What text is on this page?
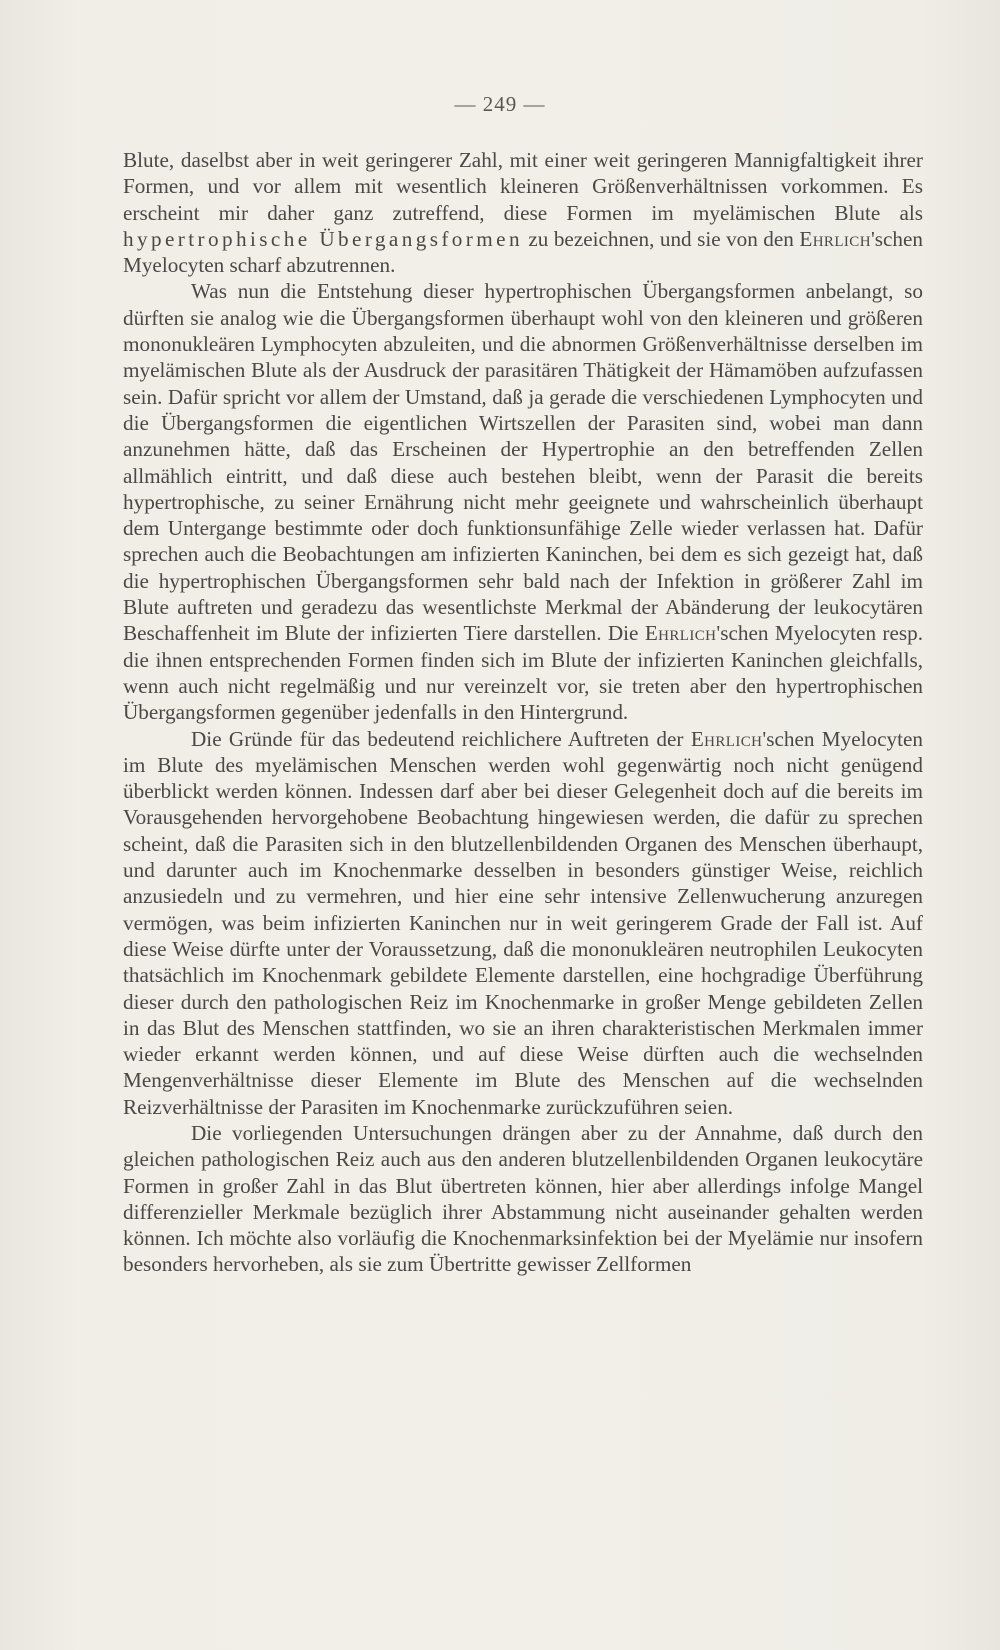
— 249 —

Blute, daselbst aber in weit geringerer Zahl, mit einer weit geringeren Mannigfaltigkeit ihrer Formen, und vor allem mit wesentlich kleineren Größenverhältnissen vorkommen. Es erscheint mir daher ganz zutreffend, diese Formen im myelämischen Blute als hypertrophische Übergangsformen zu bezeichnen, und sie von den Ehrlich'schen Myelocyten scharf abzutrennen.

Was nun die Entstehung dieser hypertrophischen Übergangsformen anbelangt, so dürften sie analog wie die Übergangsformen überhaupt wohl von den kleineren und größeren mononukleären Lymphocyten abzuleiten, und die abnormen Größenverhältnisse derselben im myelämischen Blute als der Ausdruck der parasitären Thätigkeit der Hämamöben aufzufassen sein. Dafür spricht vor allem der Umstand, daß ja gerade die verschiedenen Lymphocyten und die Übergangsformen die eigentlichen Wirtszellen der Parasiten sind, wobei man dann anzunehmen hätte, daß das Erscheinen der Hypertrophie an den betreffenden Zellen allmählich eintritt, und daß diese auch bestehen bleibt, wenn der Parasit die bereits hypertrophische, zu seiner Ernährung nicht mehr geeignete und wahrscheinlich überhaupt dem Untergange bestimmte oder doch funktionsunfähige Zelle wieder verlassen hat. Dafür sprechen auch die Beobachtungen am infizierten Kaninchen, bei dem es sich gezeigt hat, daß die hypertrophischen Übergangsformen sehr bald nach der Infektion in größerer Zahl im Blute auftreten und geradezu das wesentlichste Merkmal der Abänderung der leukocytären Beschaffenheit im Blute der infizierten Tiere darstellen. Die Ehrlich'schen Myelocyten resp. die ihnen entsprechenden Formen finden sich im Blute der infizierten Kaninchen gleichfalls, wenn auch nicht regelmäßig und nur vereinzelt vor, sie treten aber den hypertrophischen Übergangsformen gegenüber jedenfalls in den Hintergrund.

Die Gründe für das bedeutend reichlichere Auftreten der Ehrlich'schen Myelocyten im Blute des myelämischen Menschen werden wohl gegenwärtig noch nicht genügend überblickt werden können. Indessen darf aber bei dieser Gelegenheit doch auf die bereits im Vorausgehenden hervorgehobene Beobachtung hingewiesen werden, die dafür zu sprechen scheint, daß die Parasiten sich in den blutzellenbildenden Organen des Menschen überhaupt, und darunter auch im Knochenmarke desselben in besonders günstiger Weise, reichlich anzusiedeln und zu vermehren, und hier eine sehr intensive Zellenwucherung anzuregen vermögen, was beim infizierten Kaninchen nur in weit geringerem Grade der Fall ist. Auf diese Weise dürfte unter der Voraussetzung, daß die mononukleären neutrophilen Leukocyten thatsächlich im Knochenmark gebildete Elemente darstellen, eine hochgradige Überführung dieser durch den pathologischen Reiz im Knochenmarke in großer Menge gebildeten Zellen in das Blut des Menschen stattfinden, wo sie an ihren charakteristischen Merkmalen immer wieder erkannt werden können, und auf diese Weise dürften auch die wechselnden Mengenverhältnisse dieser Elemente im Blute des Menschen auf die wechselnden Reizverhältnisse der Parasiten im Knochenmarke zurückzuführen seien.

Die vorliegenden Untersuchungen drängen aber zu der Annahme, daß durch den gleichen pathologischen Reiz auch aus den anderen blutzellenbildenden Organen leukocytäre Formen in großer Zahl in das Blut übertreten können, hier aber allerdings infolge Mangel differenzieller Merkmale bezüglich ihrer Abstammung nicht auseinander gehalten werden können. Ich möchte also vorläufig die Knochenmarksinfektion bei der Myelämie nur insofern besonders hervorheben, als sie zum Übertritte gewisser Zellformen
